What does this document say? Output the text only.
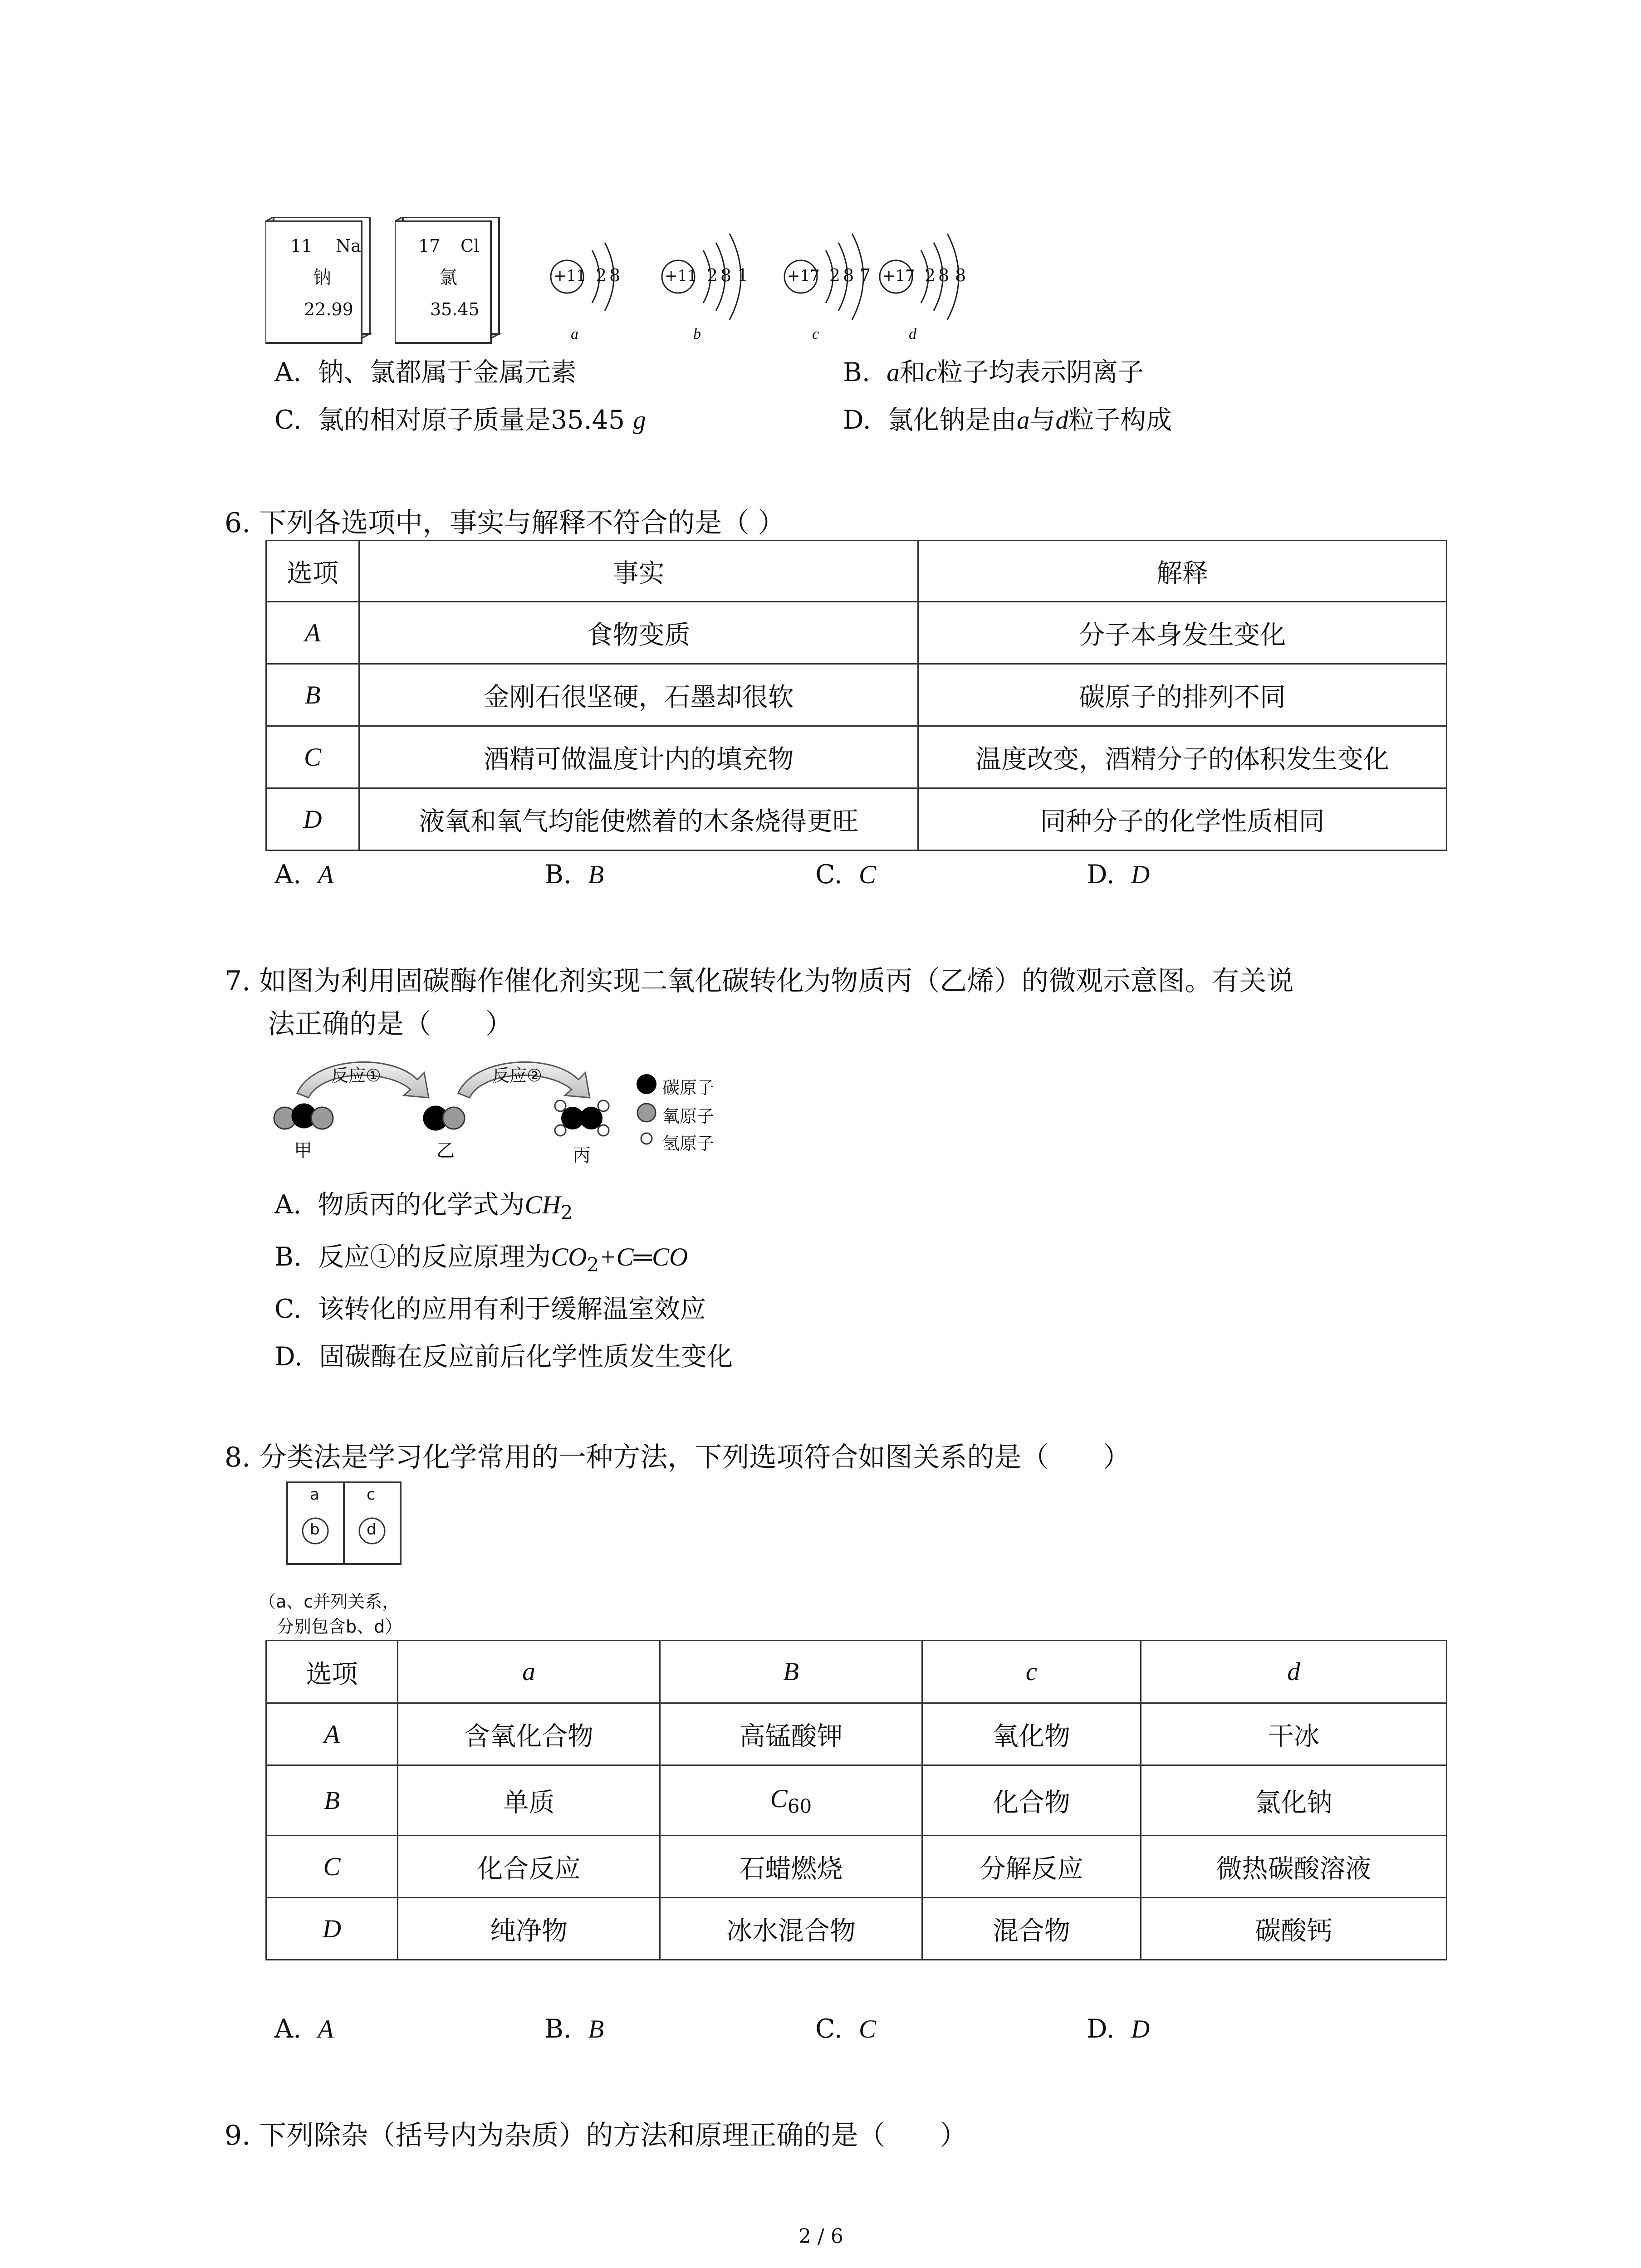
11 Na
钠
22.99
17 Cl
氯
35.45
+11 2 8
a
+11 2 8 1
b
+17 2 8 7
c
+17 2 8 8
d
A. 钠、氯都属于金属元素	B. a和c粒子均表示阴离子
C. 氯的相对原子质量是35.45 g	D. 氯化钠是由a与d粒子构成
6. 下列各选项中，事实与解释不符合的是（ ）
选项	事实	解释
A	食物变质	分子本身发生变化
B	金刚石很坚硬，石墨却很软	碳原子的排列不同
C	酒精可做温度计内的填充物	温度改变，酒精分子的体积发生变化
D	液氧和氧气均能使燃着的木条烧得更旺	同种分子的化学性质相同
A. A	B. B	C. C	D. D
7. 如图为利用固碳酶作催化剂实现二氧化碳转化为物质丙（乙烯）的微观示意图。有关说
法正确的是（　　）
反应①	反应②
甲	乙	丙
碳原子
氧原子
氢原子
A. 物质丙的化学式为$CH_2$
B. 反应①的反应原理为$CO_2+C═CO$
C. 该转化的应用有利于缓解温室效应
D. 固碳酶在反应前后化学性质发生变化
8. 分类法是学习化学常用的一种方法，下列选项符合如图关系的是（　　）
a
b
c
d
（a、c并列关系，
分别包含b、d）
选项	a	B	c	d
A	含氧化合物	高锰酸钾	氧化物	干冰
B	单质	$C_{60}$	化合物	氯化钠
C	化合反应	石蜡燃烧	分解反应	微热碳酸溶液
D	纯净物	冰水混合物	混合物	碳酸钙
A. A	B. B	C. C	D. D
9. 下列除杂（括号内为杂质）的方法和原理正确的是（　　）
2 / 6
